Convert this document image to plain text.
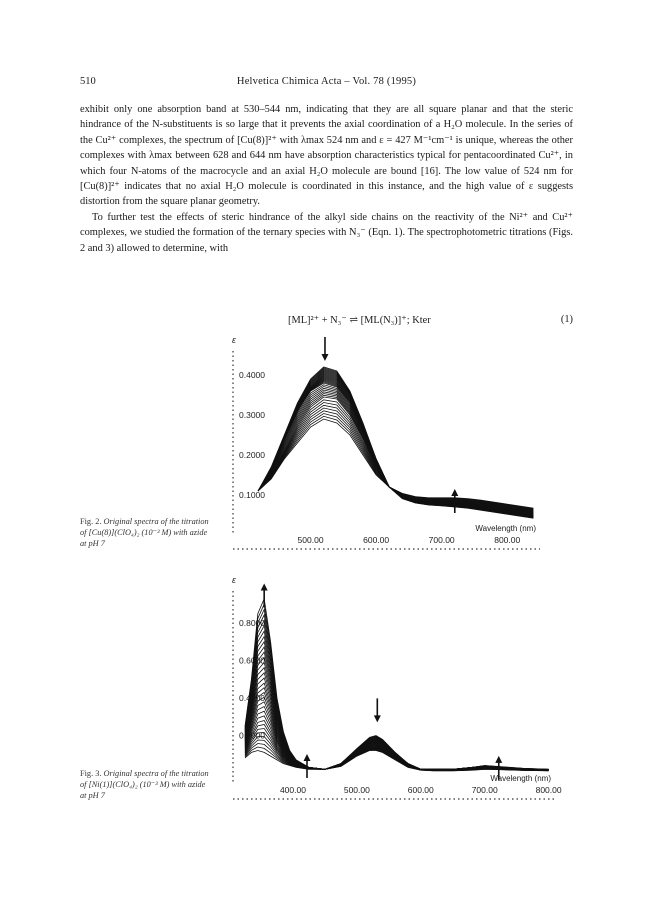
510	Helvetica Chimica Acta – Vol. 78 (1995)

exhibit only one absorption band at 530–544 nm, indicating that they are all square planar and that the steric hindrance of the N-substituents is so large that it prevents the axial coordination of a H₂O molecule. In the series of the Cu²⁺ complexes, the spectrum of [Cu(8)]²⁺ with λmax 524 nm and ε = 427 M⁻¹cm⁻¹ is unique, whereas the other complexes with λmax between 628 and 644 nm have absorption characteristics typical for pentacoordinated Cu²⁺, in which four N-atoms of the macrocycle and an axial H₂O molecule are bound [16]. The low value of 524 nm for [Cu(8)]²⁺ indicates that no axial H₂O molecule is coordinated in this instance, and the high value of ε suggests distortion from the square planar geometry.

To further test the effects of steric hindrance of the alkyl side chains on the reactivity of the Ni²⁺ and Cu²⁺ complexes, we studied the formation of the ternary species with N₃⁻ (Eqn. 1). The spectrophotometric titrations (Figs. 2 and 3) allowed to determine, with

[ML]²⁺ + N₃⁻ ⇌ [ML(N₃)]⁺; Kter	(1)
ε
0.1000
0.2000
0.3000
0.4000
500.00	600.00	700.00	800.00
Wavelength (nm)
Fig. 2. Original spectra of the titration of [Cu(8)](ClO₄)₂ (10⁻³ M) with azide at pH 7
ε
0.2000
0.4000
0.6000
0.8000
400.00	500.00	600.00	700.00	800.00
Wavelength (nm)
Fig. 3. Original spectra of the titration of [Ni(1)](ClO₄)₂ (10⁻³ M) with azide at pH 7
